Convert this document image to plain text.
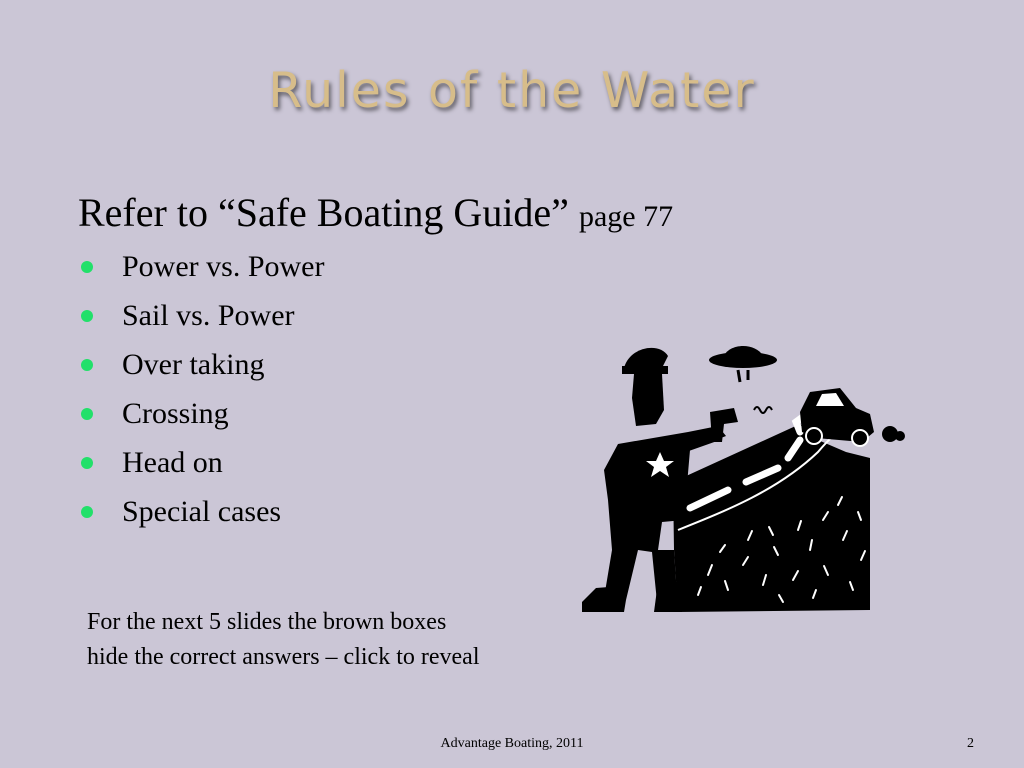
Rules of the Water
Refer to “Safe Boating Guide” page 77
Power vs. Power
Sail vs. Power
Over taking
Crossing
Head on
Special cases
For the next 5 slides the brown boxes
hide the correct answers – click to reveal
Advantage Boating, 2011	2
